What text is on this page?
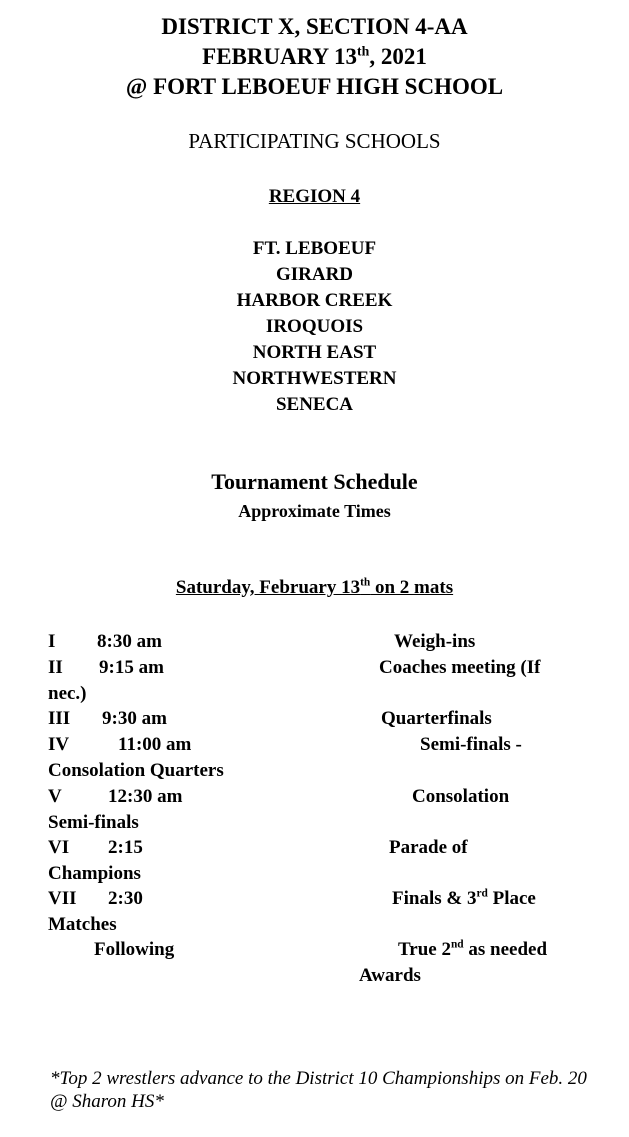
DISTRICT X, SECTION 4-AA
FEBRUARY 13th, 2021
@ FORT LEBOEUF HIGH SCHOOL
PARTICIPATING SCHOOLS
REGION 4
FT. LEBOEUF
GIRARD
HARBOR CREEK
IROQUOIS
NORTH EAST
NORTHWESTERN
SENECA
Tournament Schedule
Approximate Times
Saturday, February 13th on 2 mats
I 8:30 am	Weigh-ins
II 9:15 am	Coaches meeting (If
nec.)
III 9:30 am	Quarterfinals
IV	11:00 am	Semi-finals -
Consolation Quarters
V 12:30 am	Consolation
Semi-finals
VI 2:15	Parade of
Champions
VII 2:30	Finals & 3rd Place
Matches
Following	True 2nd as needed
Awards
*Top 2 wrestlers advance to the District 10 Championships on Feb. 20 @ Sharon HS*
